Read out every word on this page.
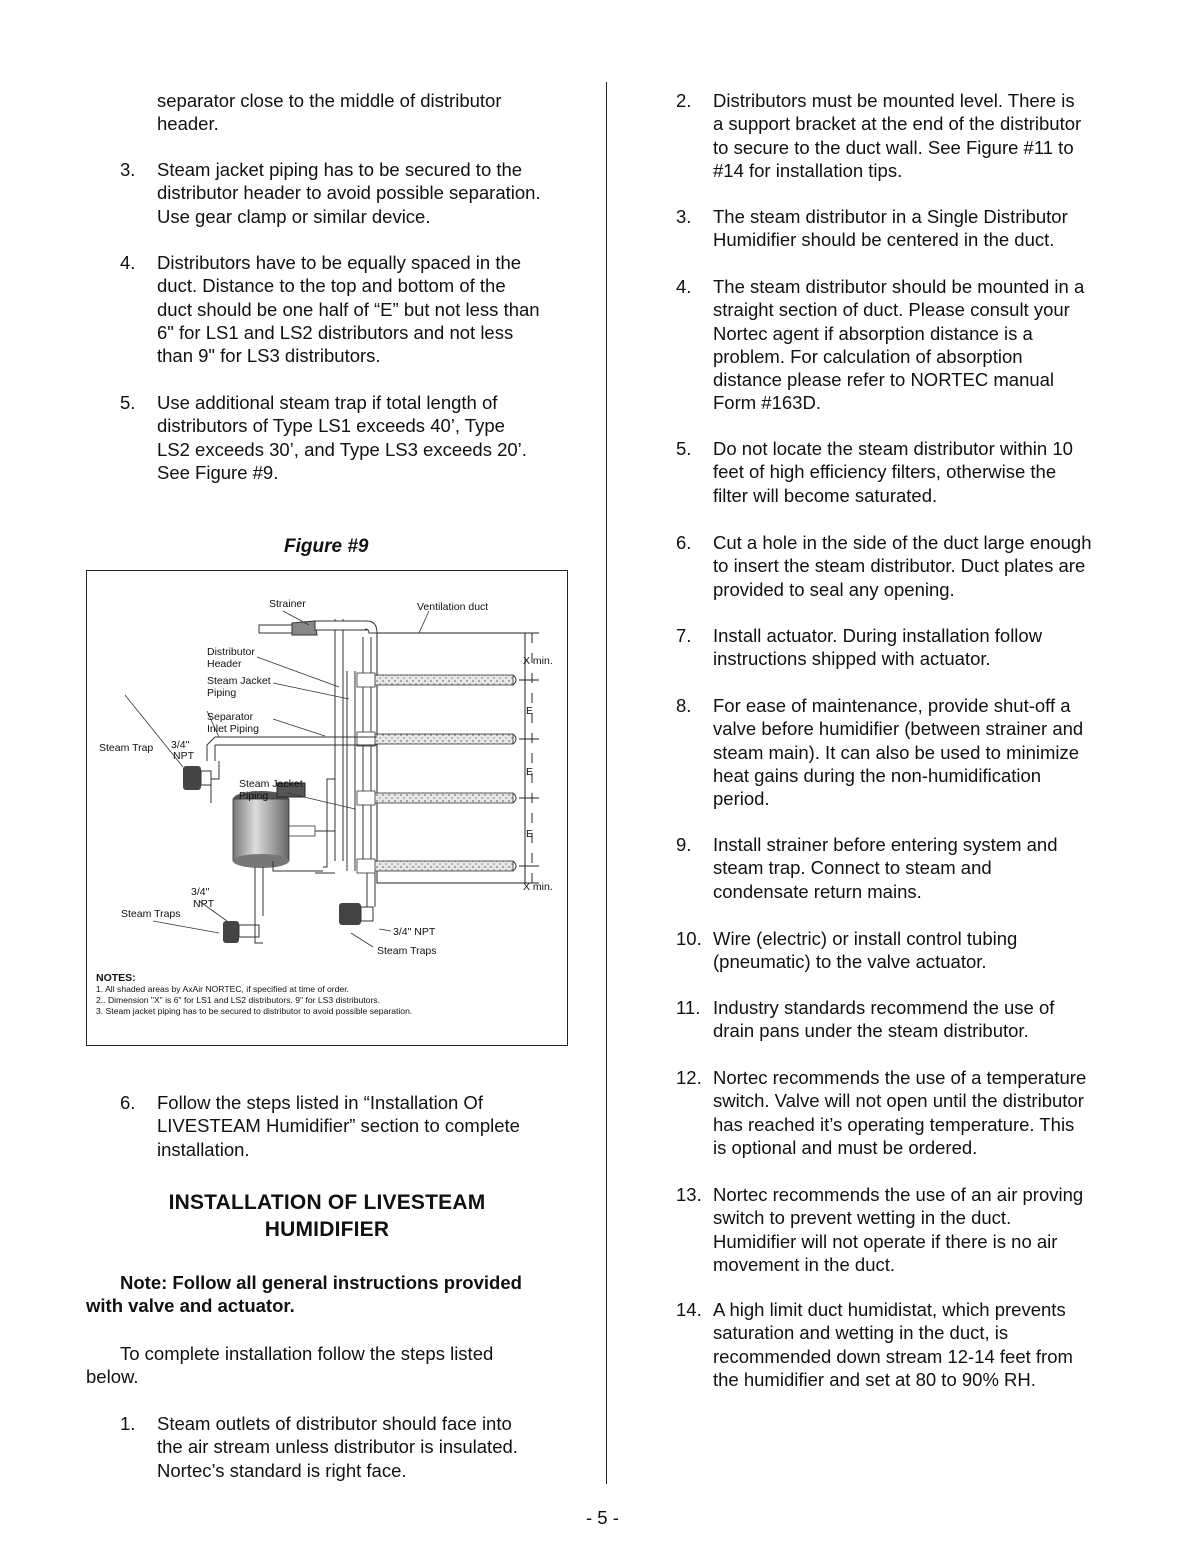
separator close to the middle of distributor
header.
3. Steam jacket piping has to be secured to the
distributor header to avoid possible separation.
Use gear clamp or similar device.
4. Distributors have to be equally spaced in the
duct. Distance to the top and bottom of the
duct should be one half of “E” but not less than
6" for LS1 and LS2 distributors and not less
than 9" for LS3 distributors.
5. Use additional steam trap if total length of
distributors of Type LS1 exceeds 40’, Type
LS2 exceeds 30’, and Type LS3 exceeds 20’.
See Figure #9.
Figure #9
Strainer	Ventilation duct
Distributor
Header
Steam Jacket
Piping
Separator
Inlet Piping
Steam Trap 3/4"
NPT
Steam Jacket
Piping
3/4"
NPT
Steam Traps
3/4" NPT
Steam Traps
X min.
X min.
E
E
E
NOTES:
1. All shaded areas by AxAir NORTEC, if specified at time of order.
2.. Dimension "X" is 6" for LS1 and LS2 distributors. 9" for LS3 distributors.
3. Steam jacket piping has to be secured to distributor to avoid possible separation.
6. Follow the steps listed in “Installation Of
LIVESTEAM Humidifier” section to complete
installation.
INSTALLATION OF LIVESTEAM
HUMIDIFIER
Note: Follow all general instructions provided
with valve and actuator.
To complete installation follow the steps listed
below.
1. Steam outlets of distributor should face into
the air stream unless distributor is insulated.
Nortec’s standard is right face.
2. Distributors must be mounted level. There is
a support bracket at the end of the distributor
to secure to the duct wall. See Figure #11 to
#14 for installation tips.
3. The steam distributor in a Single Distributor
Humidifier should be centered in the duct.
4. The steam distributor should be mounted in a
straight section of duct. Please consult your
Nortec agent if absorption distance is a
problem. For calculation of absorption
distance please refer to NORTEC manual
Form #163D.
5. Do not locate the steam distributor within 10
feet of high efficiency filters, otherwise the
filter will become saturated.
6. Cut a hole in the side of the duct large enough
to insert the steam distributor. Duct plates are
provided to seal any opening.
7. Install actuator. During installation follow
instructions shipped with actuator.
8. For ease of maintenance, provide shut-off a
valve before humidifier (between strainer and
steam main). It can also be used to minimize
heat gains during the non-humidification
period.
9. Install strainer before entering system and
steam trap. Connect to steam and
condensate return mains.
10. Wire (electric) or install control tubing
(pneumatic) to the valve actuator.
11. Industry standards recommend the use of
drain pans under the steam distributor.
12. Nortec recommends the use of a temperature
switch. Valve will not open until the distributor
has reached it’s operating temperature. This
is optional and must be ordered.
13. Nortec recommends the use of an air proving
switch to prevent wetting in the duct.
Humidifier will not operate if there is no air
movement in the duct.
14. A high limit duct humidistat, which prevents
saturation and wetting in the duct, is
recommended down stream 12-14 feet from
the humidifier and set at 80 to 90% RH.
- 5 -
